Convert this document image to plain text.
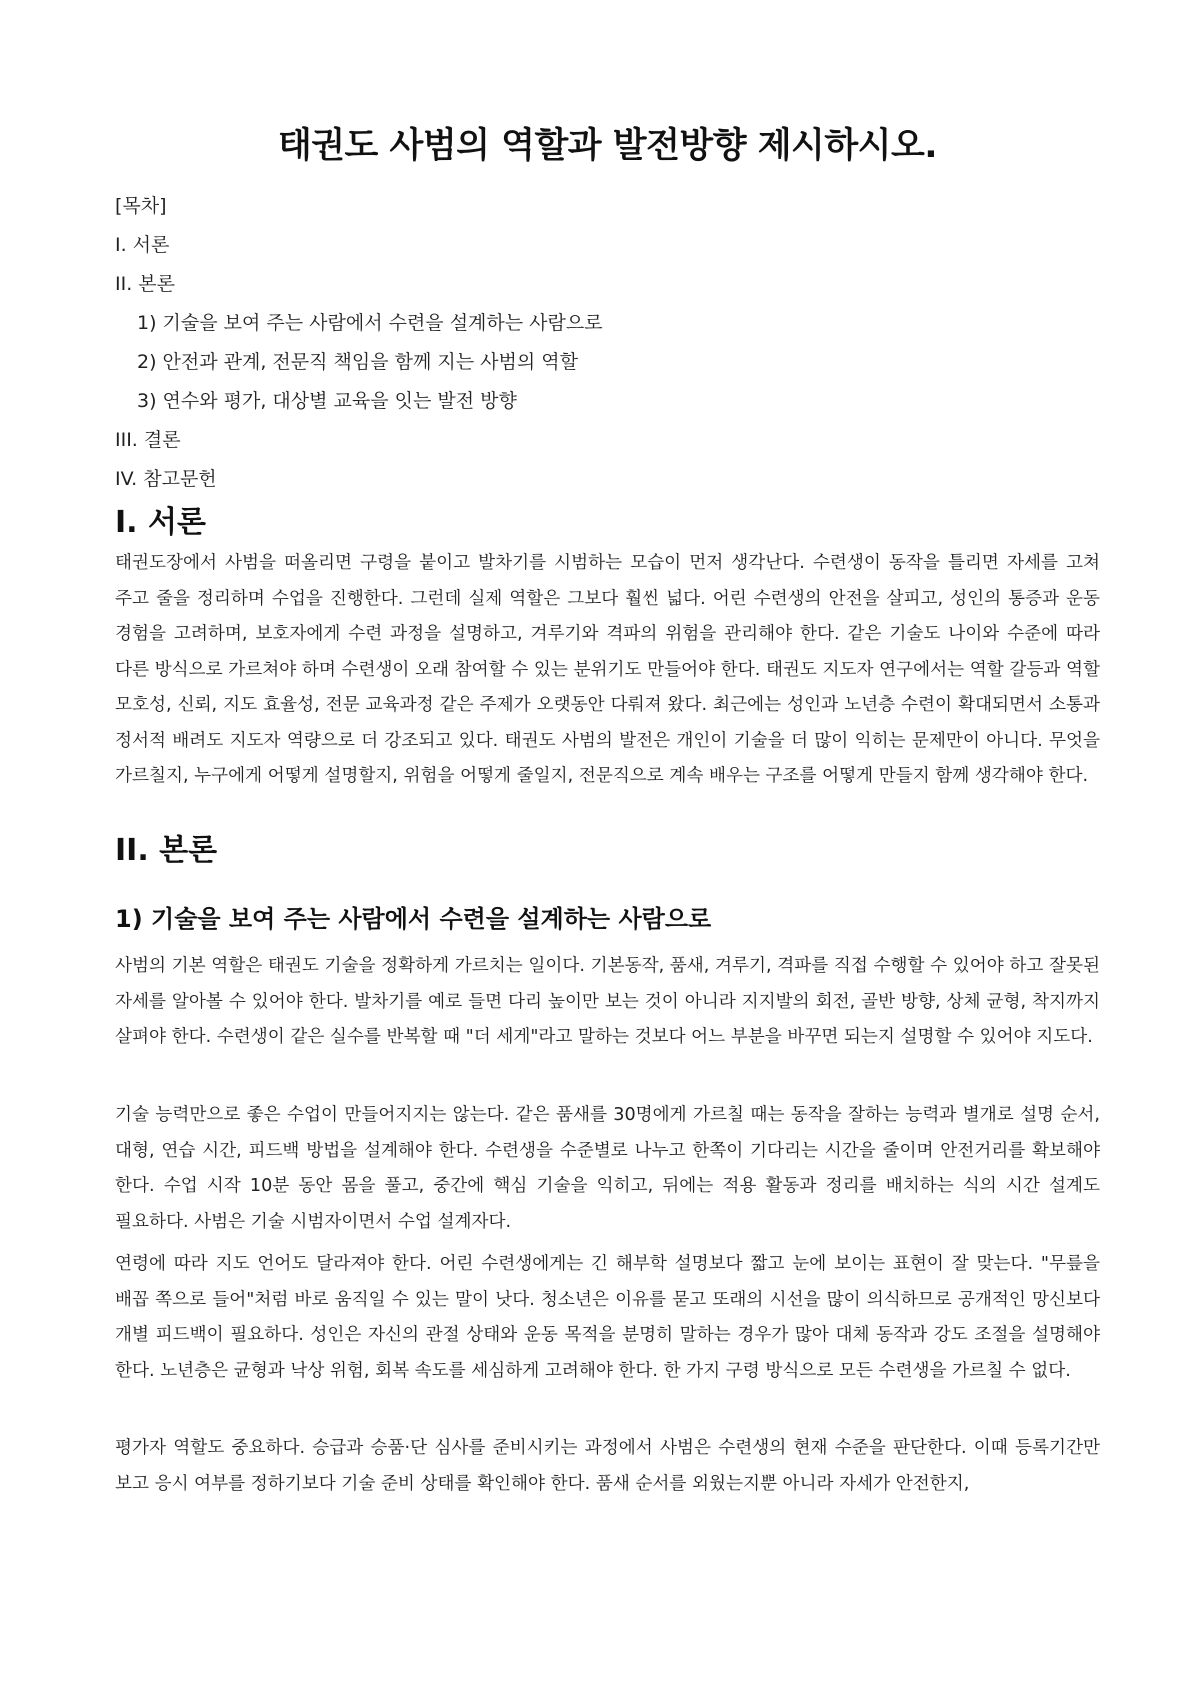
태권도 사범의 역할과 발전방향 제시하시오.
[목차]
I. 서론
II. 본론
1) 기술을 보여 주는 사람에서 수련을 설계하는 사람으로
2) 안전과 관계, 전문직 책임을 함께 지는 사범의 역할
3) 연수와 평가, 대상별 교육을 잇는 발전 방향
III. 결론
IV. 참고문헌
I. 서론

태권도장에서 사범을 떠올리면 구령을 붙이고 발차기를 시범하는 모습이 먼저 생각난다. 수련생이 동작을 틀리면 자세를 고쳐 주고 줄을 정리하며 수업을 진행한다. 그런데 실제 역할은 그보다 훨씬 넓다. 어린 수련생의 안전을 살피고, 성인의 통증과 운동 경험을 고려하며, 보호자에게 수련 과정을 설명하고, 겨루기와 격파의 위험을 관리해야 한다. 같은 기술도 나이와 수준에 따라 다른 방식으로 가르쳐야 하며 수련생이 오래 참여할 수 있는 분위기도 만들어야 한다. 태권도 지도자 연구에서는 역할 갈등과 역할 모호성, 신뢰, 지도 효율성, 전문 교육과정 같은 주제가 오랫동안 다뤄져 왔다. 최근에는 성인과 노년층 수련이 확대되면서 소통과 정서적 배려도 지도자 역량으로 더 강조되고 있다. 태권도 사범의 발전은 개인이 기술을 더 많이 익히는 문제만이 아니다. 무엇을 가르칠지, 누구에게 어떻게 설명할지, 위험을 어떻게 줄일지, 전문직으로 계속 배우는 구조를 어떻게 만들지 함께 생각해야 한다.

II. 본론
1) 기술을 보여 주는 사람에서 수련을 설계하는 사람으로

사범의 기본 역할은 태권도 기술을 정확하게 가르치는 일이다. 기본동작, 품새, 겨루기, 격파를 직접 수행할 수 있어야 하고 잘못된 자세를 알아볼 수 있어야 한다. 발차기를 예로 들면 다리 높이만 보는 것이 아니라 지지발의 회전, 골반 방향, 상체 균형, 착지까지 살펴야 한다. 수련생이 같은 실수를 반복할 때 "더 세게"라고 말하는 것보다 어느 부분을 바꾸면 되는지 설명할 수 있어야 지도다.

기술 능력만으로 좋은 수업이 만들어지지는 않는다. 같은 품새를 30명에게 가르칠 때는 동작을 잘하는 능력과 별개로 설명 순서, 대형, 연습 시간, 피드백 방법을 설계해야 한다. 수련생을 수준별로 나누고 한쪽이 기다리는 시간을 줄이며 안전거리를 확보해야 한다. 수업 시작 10분 동안 몸을 풀고, 중간에 핵심 기술을 익히고, 뒤에는 적용 활동과 정리를 배치하는 식의 시간 설계도 필요하다. 사범은 기술 시범자이면서 수업 설계자다.

연령에 따라 지도 언어도 달라져야 한다. 어린 수련생에게는 긴 해부학 설명보다 짧고 눈에 보이는 표현이 잘 맞는다. "무릎을 배꼽 쪽으로 들어"처럼 바로 움직일 수 있는 말이 낫다. 청소년은 이유를 묻고 또래의 시선을 많이 의식하므로 공개적인 망신보다 개별 피드백이 필요하다. 성인은 자신의 관절 상태와 운동 목적을 분명히 말하는 경우가 많아 대체 동작과 강도 조절을 설명해야 한다. 노년층은 균형과 낙상 위험, 회복 속도를 세심하게 고려해야 한다. 한 가지 구령 방식으로 모든 수련생을 가르칠 수 없다.

평가자 역할도 중요하다. 승급과 승품·단 심사를 준비시키는 과정에서 사범은 수련생의 현재 수준을 판단한다. 이때 등록기간만 보고 응시 여부를 정하기보다 기술 준비 상태를 확인해야 한다. 품새 순서를 외웠는지뿐 아니라 자세가 안전한지,
